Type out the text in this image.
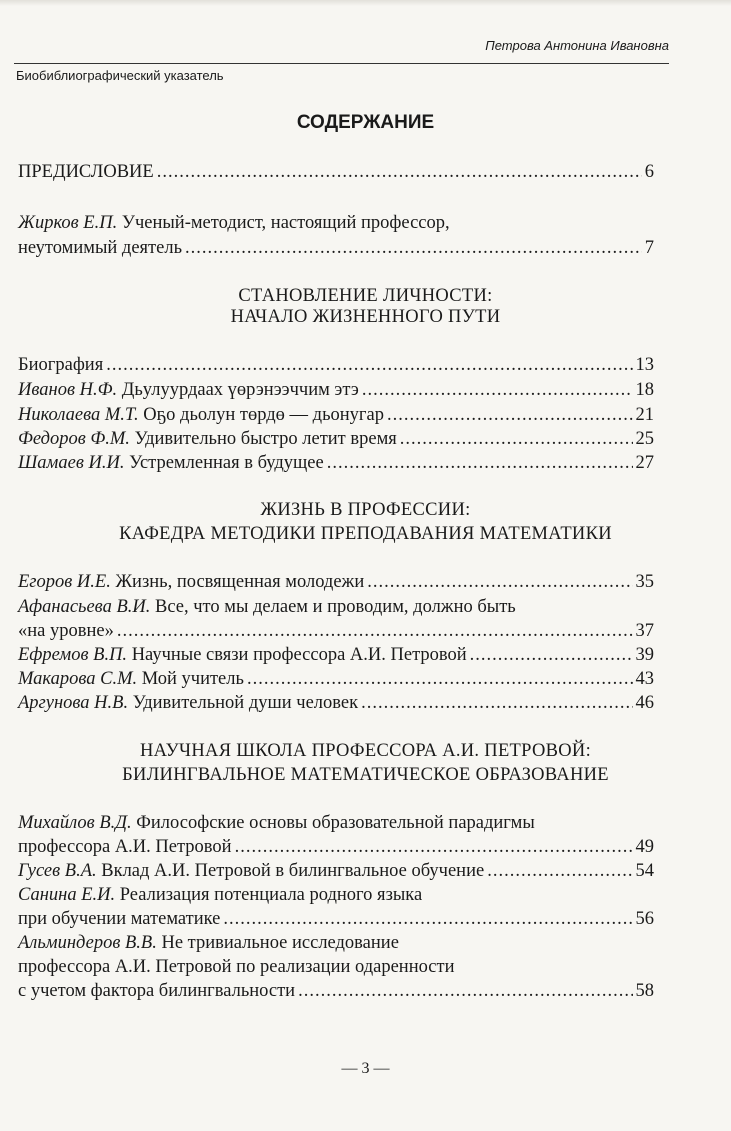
Петрова Антонина Ивановна
Биобиблиографический указатель
СОДЕРЖАНИЕ
ПРЕДИСЛОВИЕ .....	6
Жирков Е.П. Ученый-методист, настоящий профессор,
неутомимый деятель .....	7
СТАНОВЛЕНИЕ ЛИЧНОСТИ:
НАЧАЛО ЖИЗНЕННОГО ПУТИ
Биография .....	13
Иванов Н.Ф. Дьулуурдаах үөрэнээччим этэ .....	18
Николаева М.Т. Оҕо дьолун төрдө — дьонугар .....	21
Федоров Ф.М. Удивительно быстро летит время .....	25
Шамаев И.И. Устремленная в будущее .....	27
ЖИЗНЬ В ПРОФЕССИИ:
КАФЕДРА МЕТОДИКИ ПРЕПОДАВАНИЯ МАТЕМАТИКИ
Егоров И.Е. Жизнь, посвященная молодежи .....	35
Афанасьева В.И. Все, что мы делаем и проводим, должно быть
«на уровне» .....	37
Ефремов В.П. Научные связи профессора А.И. Петровой .....	39
Макарова С.М. Мой учитель .....	43
Аргунова Н.В. Удивительной души человек .....	46
НАУЧНАЯ ШКОЛА ПРОФЕССОРА А.И. ПЕТРОВОЙ:
БИЛИНГВАЛЬНОЕ МАТЕМАТИЧЕСКОЕ ОБРАЗОВАНИЕ
Михайлов В.Д. Философские основы образовательной парадигмы
профессора А.И. Петровой .....	49
Гусев В.А. Вклад А.И. Петровой в билингвальное обучение .....	54
Санина Е.И. Реализация потенциала родного языка
при обучении математике .....	56
Альминдеров В.В. Не тривиальное исследование
профессора А.И. Петровой по реализации одаренности
с учетом фактора билингвальности .....	58
— 3 —
